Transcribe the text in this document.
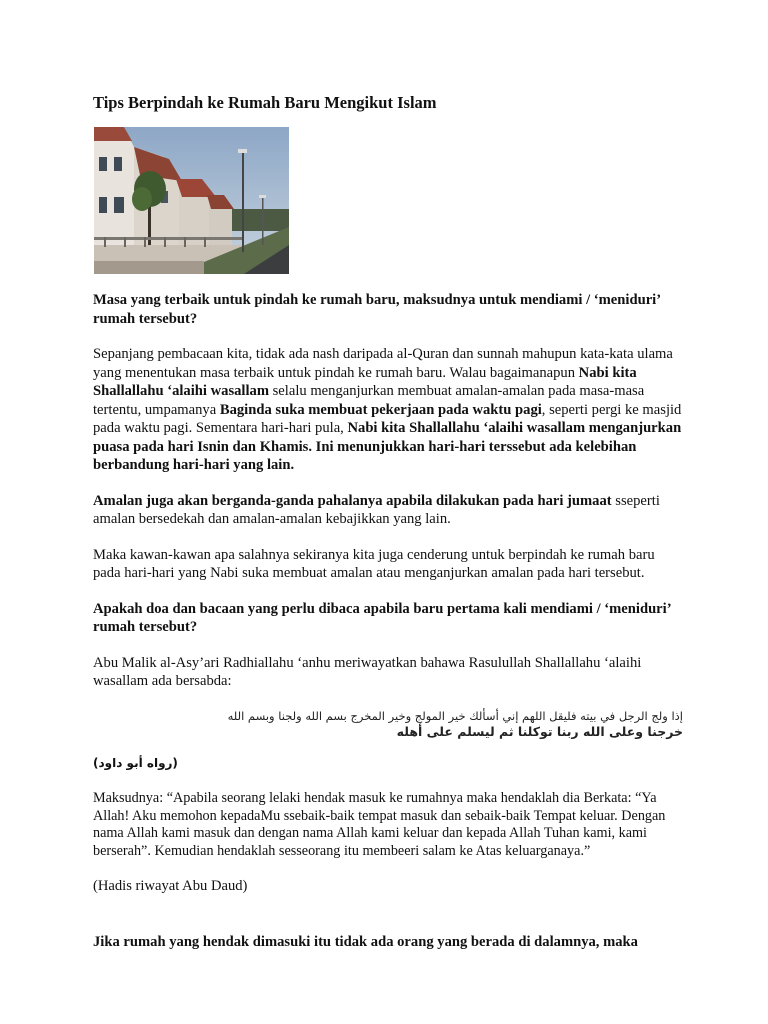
Tips Berpindah ke Rumah Baru Mengikut Islam

Masa yang terbaik untuk pindah ke rumah baru, maksudnya untuk mendiami / ‘meniduri’ rumah tersebut?

Sepanjang pembacaan kita, tidak ada nash daripada al-Quran dan sunnah mahupun kata-kata ulama yang menentukan masa terbaik untuk pindah ke rumah baru. Walau bagaimanapun Nabi kita Shallallahu ‘alaihi wasallam selalu menganjurkan membuat amalan-amalan pada masa-masa tertentu, umpamanya Baginda suka membuat pekerjaan pada waktu pagi, seperti pergi ke masjid pada waktu pagi. Sementara hari-hari pula, Nabi kita Shallallahu ‘alaihi wasallam menganjurkan puasa pada hari Isnin dan Khamis. Ini menunjukkan hari-hari terssebut ada kelebihan berbandung hari-hari yang lain.

Amalan juga akan berganda-ganda pahalanya apabila dilakukan pada hari jumaat sseperti amalan bersedekah dan amalan-amalan kebajikkan yang lain.

Maka kawan-kawan apa salahnya sekiranya kita juga cenderung untuk berpindah ke rumah baru pada hari-hari yang Nabi suka membuat amalan atau menganjurkan amalan pada hari tersebut.

Apakah doa dan bacaan yang perlu dibaca apabila baru pertama kali mendiami / ‘meniduri’ rumah tersebut?

Abu Malik al-Asy’ari Radhiallahu ‘anhu meriwayatkan bahawa Rasulullah Shallallahu ‘alaihi wasallam ada bersabda:

إذا ولج الرجل في بيته فليقل اللهم إني أسألك خير المولج وخير المخرج بسم الله ولجنا وبسم الله
خرجنا وعلى الله ربنا توكلنا ثم ليسلم على أهله
(رواه أبو داود)

Maksudnya: “Apabila seorang lelaki hendak masuk ke rumahnya maka hendaklah dia Berkata: “Ya Allah! Aku memohon kepadaMu ssebaik-baik tempat masuk dan sebaik-baik Tempat keluar. Dengan nama Allah kami masuk dan dengan nama Allah kami keluar dan kepada Allah Tuhan kami, kami berserah”. Kemudian hendaklah sesseorang itu membeeri salam ke Atas keluarganaya.”

(Hadis riwayat Abu Daud)

Jika rumah yang hendak dimasuki itu tidak ada orang yang berada di dalamnya, maka
